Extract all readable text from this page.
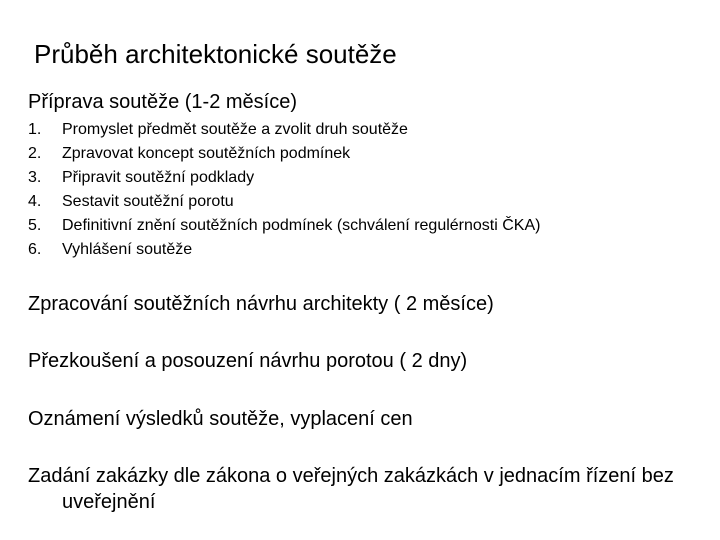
Průběh architektonické soutěže
Příprava soutěže (1-2 měsíce)
1.	Promyslet předmět soutěže a zvolit druh soutěže
2.	Zpravovat koncept soutěžních podmínek
3.	Připravit soutěžní podklady
4.	Sestavit soutěžní porotu
5.	Definitivní znění soutěžních podmínek (schválení regulérnosti ČKA)
6.	Vyhlášení soutěže
Zpracování soutěžních návrhu architekty ( 2 měsíce)
Přezkoušení a posouzení návrhu porotou ( 2 dny)
Oznámení výsledků soutěže, vyplacení cen
Zadání zakázky dle zákona o veřejných zakázkách v jednacím řízení bez uveřejnění
